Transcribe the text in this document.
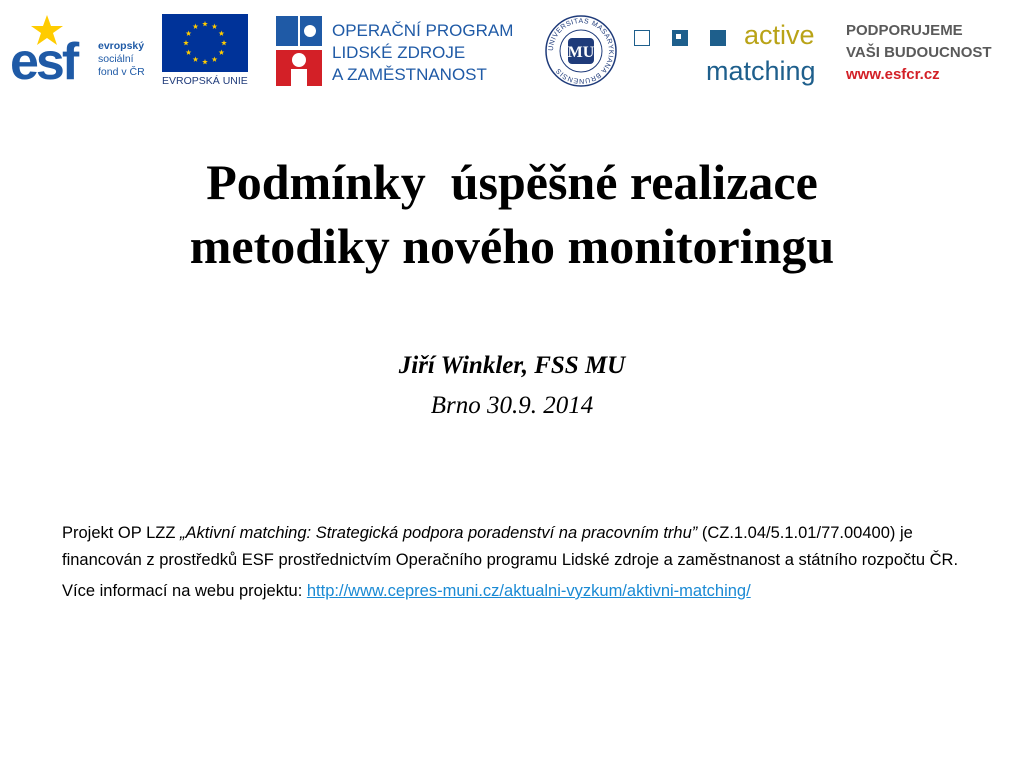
esf evropský
sociální
fond v ČR
EVROPSKÁ UNIE
OPERAČNÍ PROGRAM
LIDSKÉ ZDROJE
A ZAMĚSTNANOST
UNIVERSITAS MASARYKIANA BRUNENSIS
MU
active
matching
PODPORUJEME
VAŠI BUDOUCNOST
www.esfcr.cz
Podmínky  úspěšné realizace
metodiky nového monitoringu
Jiří Winkler, FSS MU
Brno 30.9. 2014

Projekt OP LZZ „Aktivní matching: Strategická podpora poradenství na pracovním trhu” (CZ.1.04/5.1.01/77.00400) je financován z prostředků ESF prostřednictvím Operačního programu Lidské zdroje a zaměstnanost a státního rozpočtu ČR.

Více informací na webu projektu: http://www.cepres-muni.cz/aktualni-vyzkum/aktivni-matching/
